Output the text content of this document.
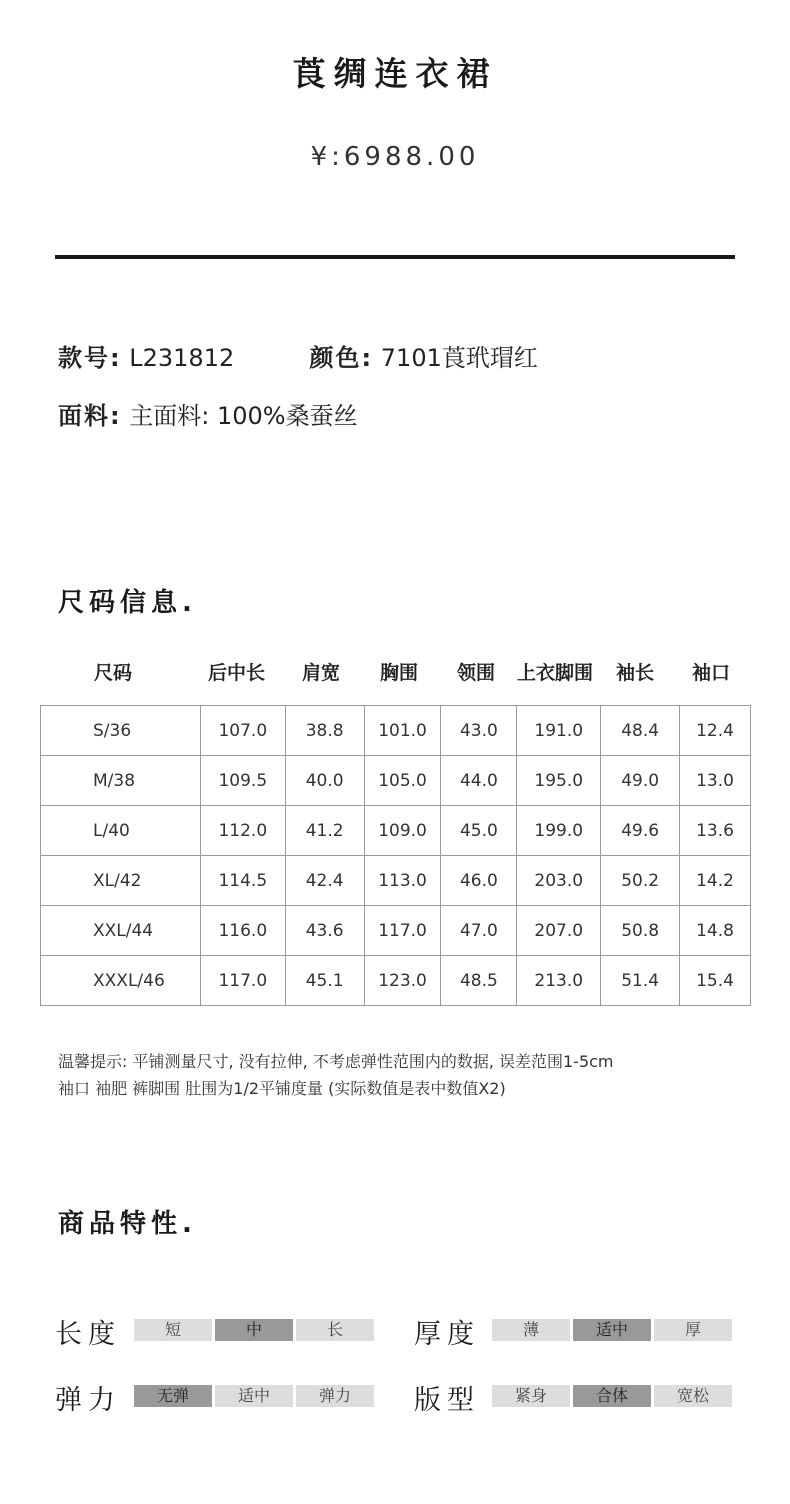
莨绸连衣裙
¥:6988.00
款号: L231812	颜色: 7101莨玳瑁红
面料: 主面料: 100%桑蚕丝
尺码信息.
尺码	后中长 肩宽 胸围 领围 上衣脚围 袖长 袖口
S/36	107.0	38.8	101.0	43.0	191.0	48.4	12.4
M/38	109.5	40.0	105.0	44.0	195.0	49.0	13.0
L/40	112.0	41.2	109.0	45.0	199.0	49.6	13.6
XL/42	114.5	42.4	113.0	46.0	203.0	50.2	14.2
XXL/44	116.0	43.6	117.0	47.0	207.0	50.8	14.8
XXXL/46	117.0	45.1	123.0	48.5	213.0	51.4	15.4
温馨提示: 平铺测量尺寸, 没有拉伸, 不考虑弹性范围内的数据, 误差范围1-5cm
袖口 袖肥 裤脚围 肚围为1/2平铺度量 (实际数值是表中数值X2)
商品特性.
长度	短	中	长	厚度	薄	适中	厚
弹力	无弹	适中	弹力	版型	紧身	合体	宽松
